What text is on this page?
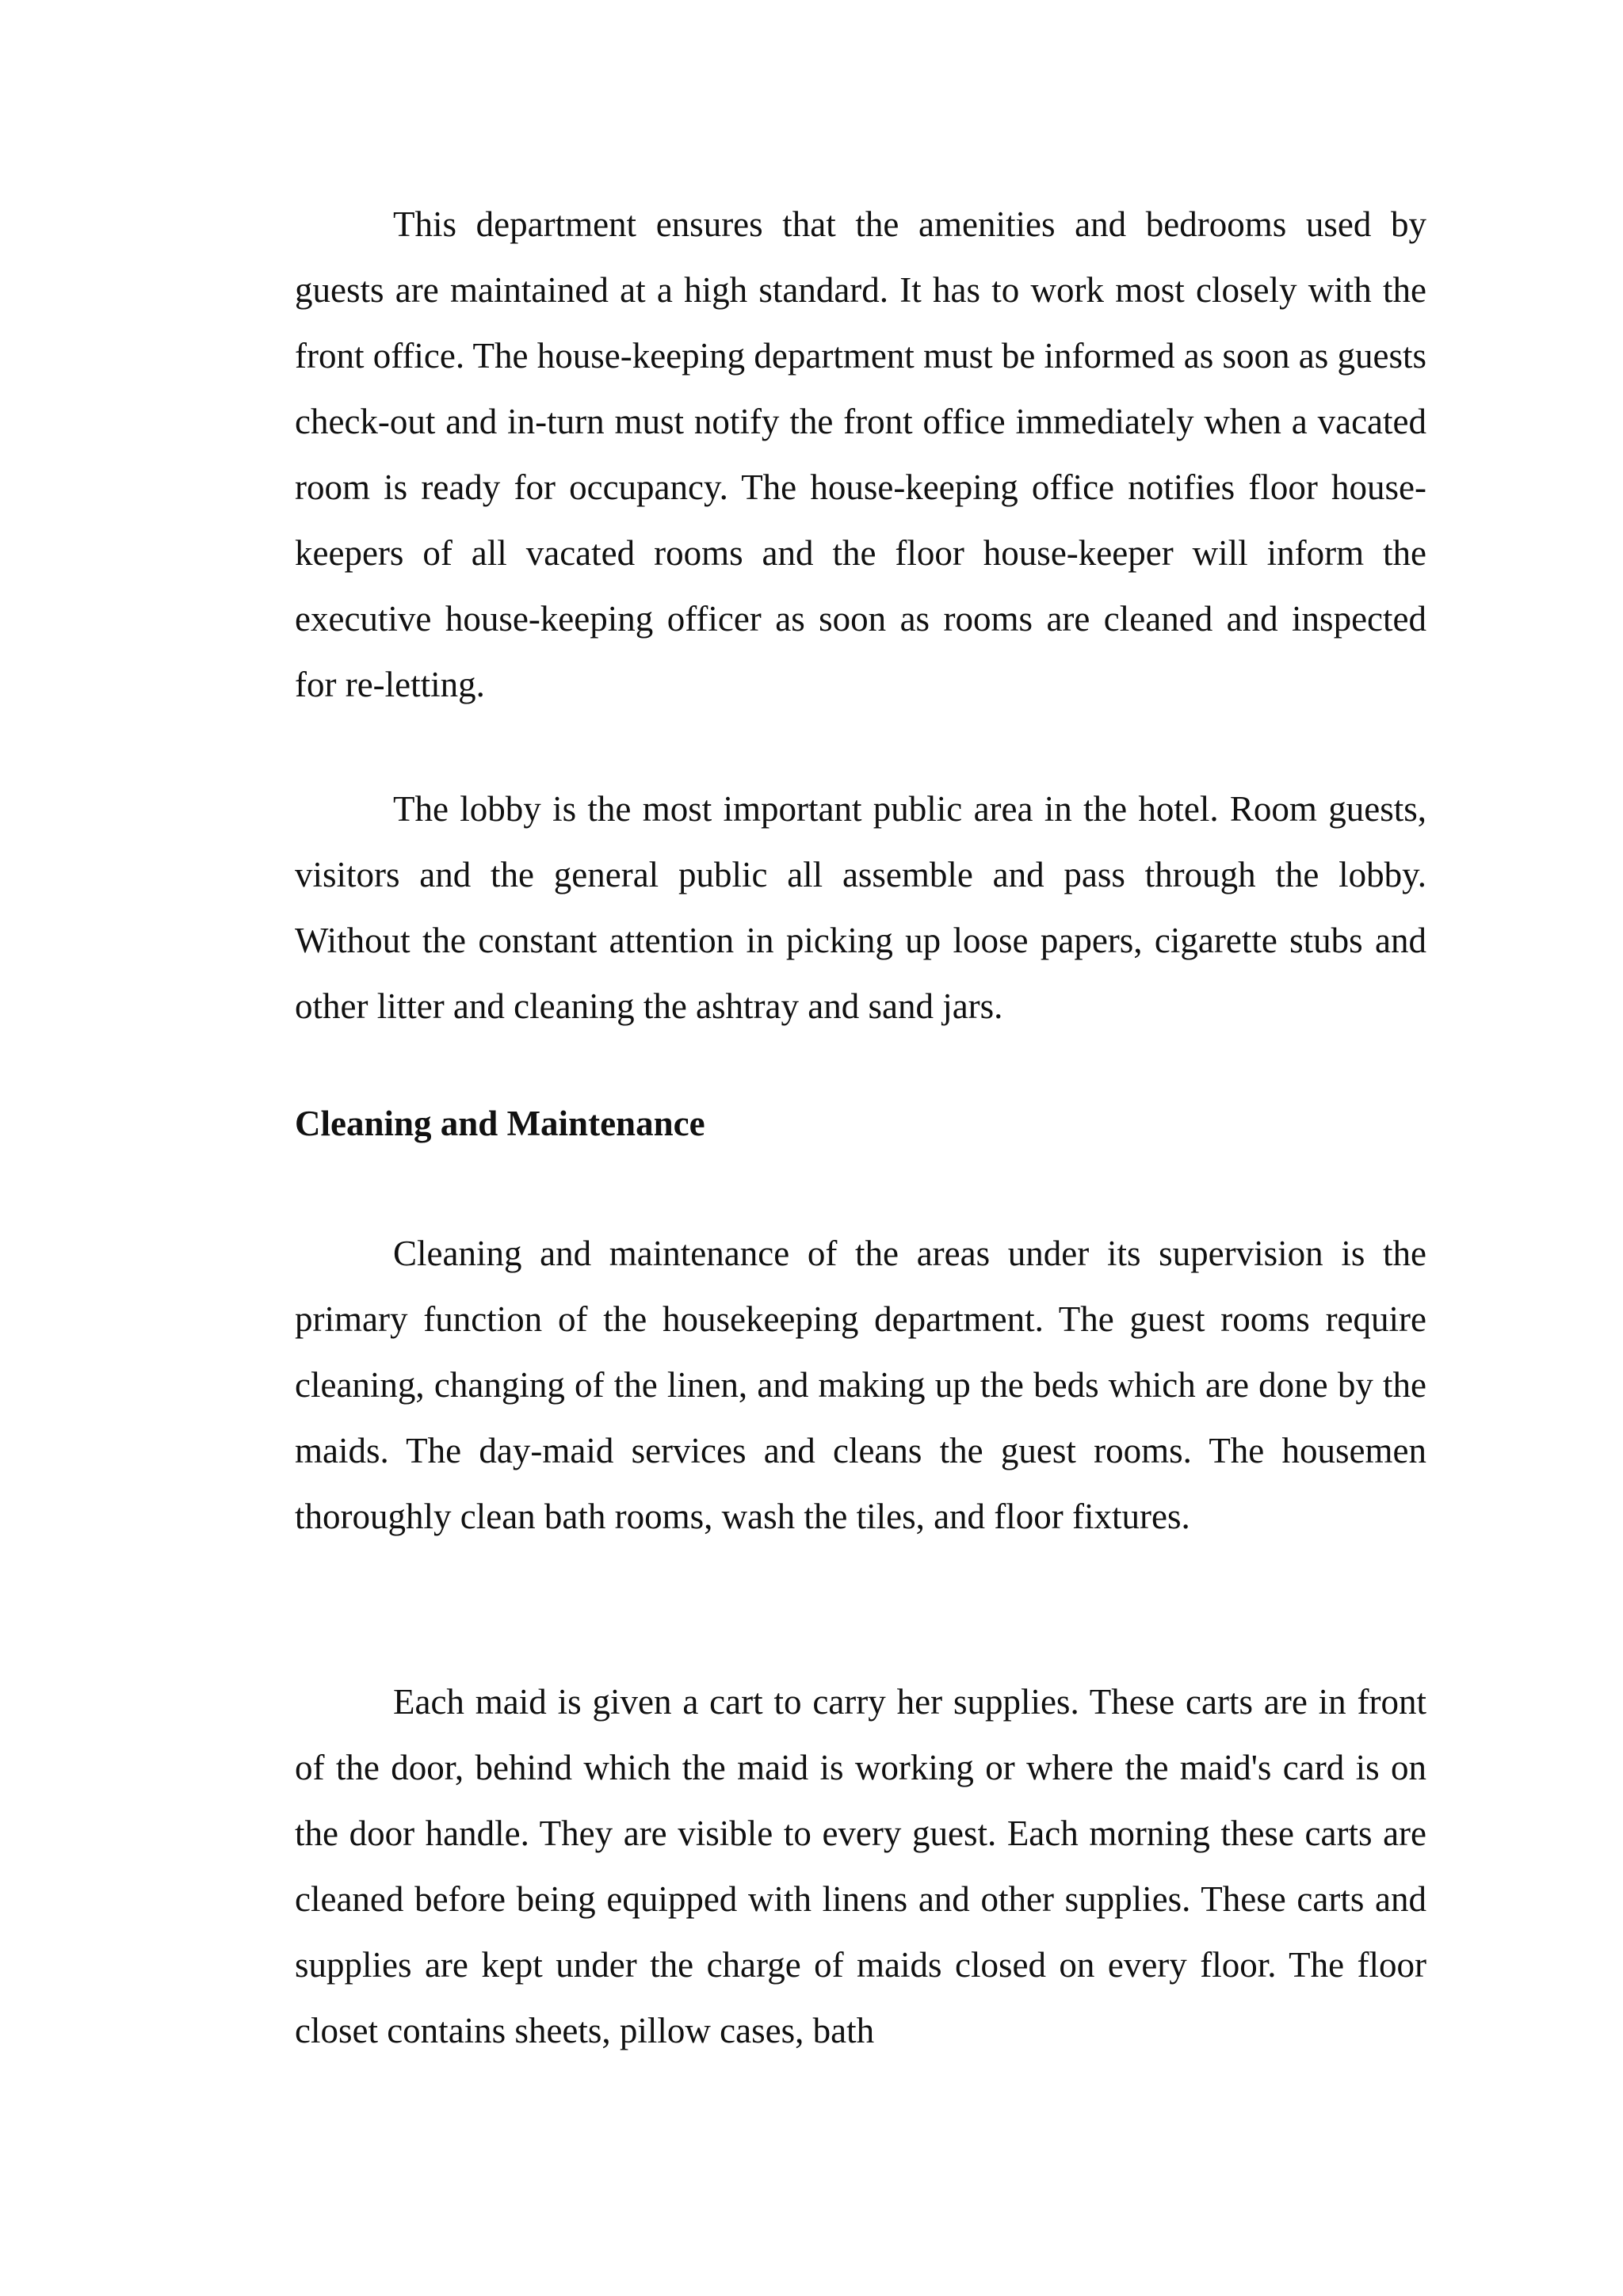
This department ensures that the amenities and bedrooms used by guests are maintained at a high standard. It has to work most closely with the front office. The house-keeping department must be informed as soon as guests check-out and in-turn must notify the front office immediately when a vacated room is ready for occupancy. The house-keeping office notifies floor house-keepers of all vacated rooms and the floor house-keeper will inform the executive house-keeping officer as soon as rooms are cleaned and inspected for re-letting.

The lobby is the most important public area in the hotel. Room guests, visitors and the general public all assemble and pass through the lobby. Without the constant attention in picking up loose papers, cigarette stubs and other litter and cleaning the ashtray and sand jars.

Cleaning and Maintenance

Cleaning and maintenance of the areas under its supervision is the primary function of the housekeeping department. The guest rooms require cleaning, changing of the linen, and making up the beds which are done by the maids. The day-maid services and cleans the guest rooms. The housemen thoroughly clean bath rooms, wash the tiles, and floor fixtures.

Each maid is given a cart to carry her supplies. These carts are in front of the door, behind which the maid is working or where the maid's card is on the door handle. They are visible to every guest. Each morning these carts are cleaned before being equipped with linens and other supplies. These carts and supplies are kept under the charge of maids closed on every floor. The floor closet contains sheets, pillow cases, bath
